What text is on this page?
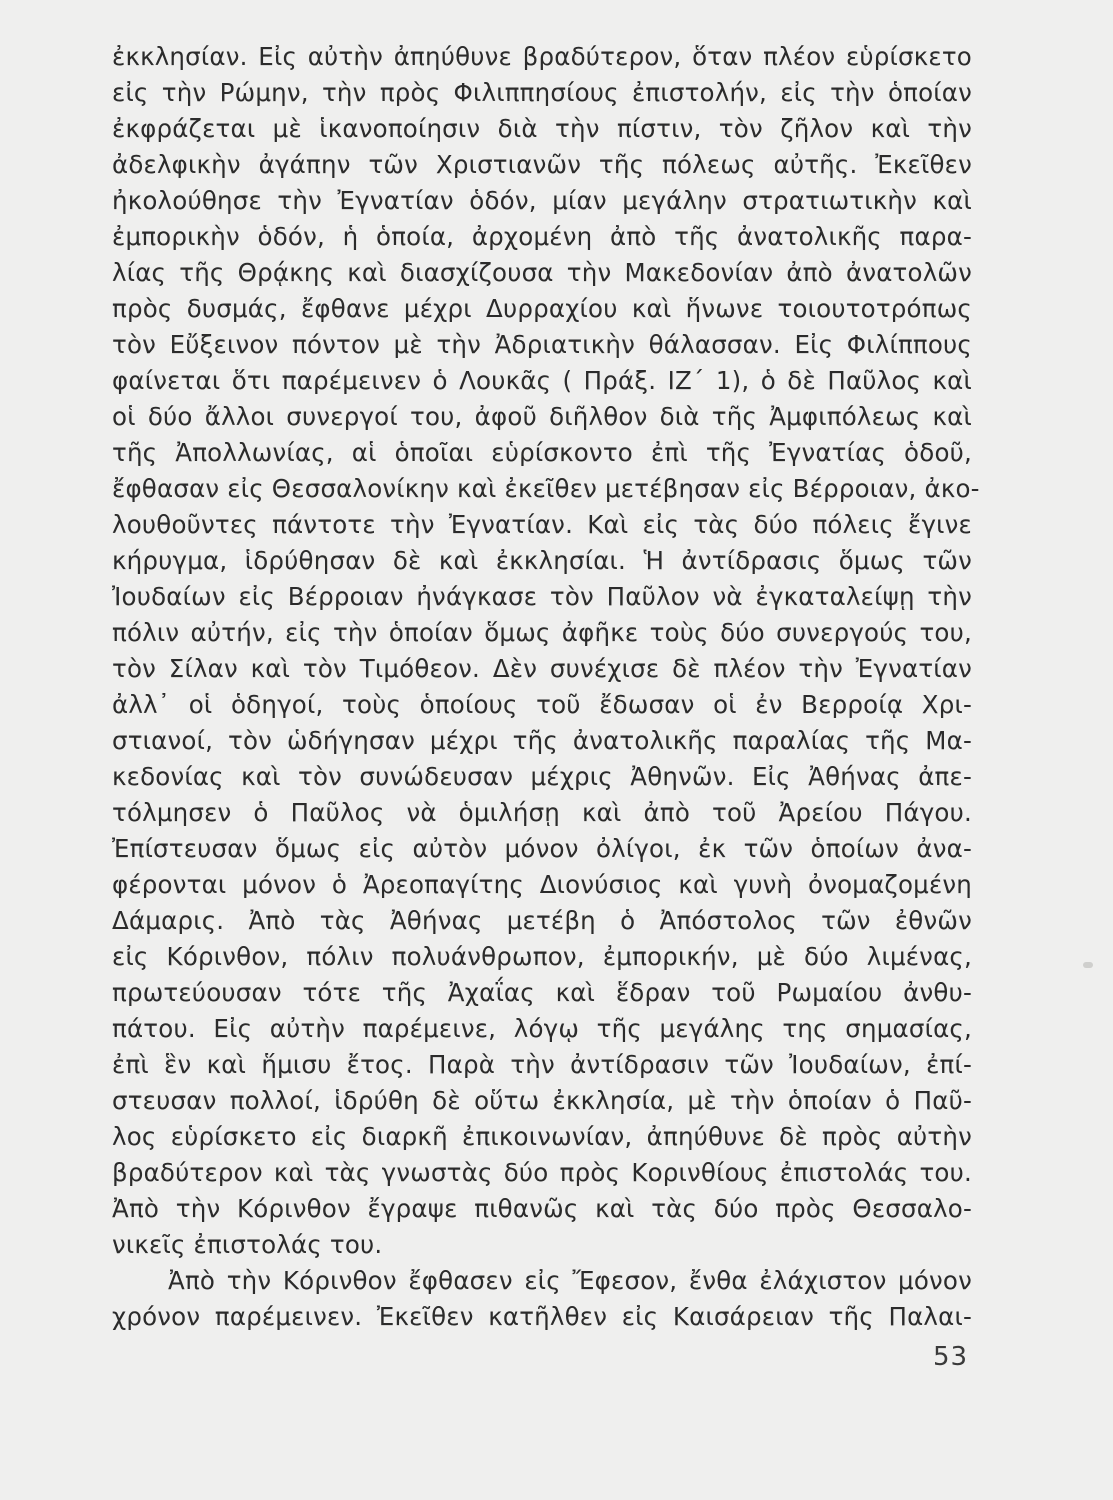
ἐκκλησίαν. Εἰς αὐτὴν ἀπηύθυνε βραδύτερον, ὅταν πλέον εὑρίσκετο
εἰς τὴν Ρώμην, τὴν πρὸς Φιλιππησίους ἐπιστολήν, εἰς τὴν ὁποίαν
ἐκφράζεται μὲ ἱκανοποίησιν διὰ τὴν πίστιν, τὸν ζῆλον καὶ τὴν
ἀδελφικὴν ἀγάπην τῶν Χριστιανῶν τῆς πόλεως αὐτῆς. Ἐκεῖθεν
ἠκολούθησε τὴν Ἐγνατίαν ὁδόν, μίαν μεγάλην στρατιωτικὴν καὶ
ἐμπορικὴν ὁδόν, ἡ ὁποία, ἀρχομένη ἀπὸ τῆς ἀνατολικῆς παρα-
λίας τῆς Θρᾴκης καὶ διασχίζουσα τὴν Μακεδονίαν ἀπὸ ἀνατολῶν
πρὸς δυσμάς, ἔφθανε μέχρι Δυρραχίου καὶ ἥνωνε τοιουτοτρόπως
τὸν Εὔξεινον πόντον μὲ τὴν Ἀδριατικὴν θάλασσαν. Εἰς Φιλίππους
φαίνεται ὅτι παρέμεινεν ὁ Λουκᾶς ( Πράξ. ΙΖ΄ 1), ὁ δὲ Παῦλος καὶ
οἱ δύο ἄλλοι συνεργοί του, ἀφοῦ διῆλθον διὰ τῆς Ἀμφιπόλεως καὶ
τῆς Ἀπολλωνίας, αἱ ὁποῖαι εὑρίσκοντο ἐπὶ τῆς Ἐγνατίας ὁδοῦ,
ἔφθασαν εἰς Θεσσαλονίκην καὶ ἐκεῖθεν μετέβησαν εἰς Βέρροιαν, ἀκο-
λουθοῦντες πάντοτε τὴν Ἐγνατίαν. Καὶ εἰς τὰς δύο πόλεις ἔγινε
κήρυγμα, ἱδρύθησαν δὲ καὶ ἐκκλησίαι. Ἡ ἀντίδρασις ὅμως τῶν
Ἰουδαίων εἰς Βέρροιαν ἠνάγκασε τὸν Παῦλον νὰ ἐγκαταλείψῃ τὴν
πόλιν αὐτήν, εἰς τὴν ὁποίαν ὅμως ἀφῆκε τοὺς δύο συνεργούς του,
τὸν Σίλαν καὶ τὸν Τιμόθεον. Δὲν συνέχισε δὲ πλέον τὴν Ἐγνατίαν
ἀλλ᾽ οἱ ὁδηγοί, τοὺς ὁποίους τοῦ ἔδωσαν οἱ ἐν Βερροίᾳ Χρι-
στιανοί, τὸν ὡδήγησαν μέχρι τῆς ἀνατολικῆς παραλίας τῆς Μα-
κεδονίας καὶ τὸν συνώδευσαν μέχρις Ἀθηνῶν. Εἰς Ἀθήνας ἀπε-
τόλμησεν ὁ Παῦλος νὰ ὁμιλήσῃ καὶ ἀπὸ τοῦ Ἀρείου Πάγου.
Ἐπίστευσαν ὅμως εἰς αὐτὸν μόνον ὀλίγοι, ἐκ τῶν ὁποίων ἀνα-
φέρονται μόνον ὁ Ἀρεοπαγίτης Διονύσιος καὶ γυνὴ ὀνομαζομένη
Δάμαρις. Ἀπὸ τὰς Ἀθήνας μετέβη ὁ Ἀπόστολος τῶν ἐθνῶν
εἰς Κόρινθον, πόλιν πολυάνθρωπον, ἐμπορικήν, μὲ δύο λιμένας,
πρωτεύουσαν τότε τῆς Ἀχαΐας καὶ ἕδραν τοῦ Ρωμαίου ἀνθυ-
πάτου. Εἰς αὐτὴν παρέμεινε, λόγῳ τῆς μεγάλης της σημασίας,
ἐπὶ ἓν καὶ ἥμισυ ἔτος. Παρὰ τὴν ἀντίδρασιν τῶν Ἰουδαίων, ἐπί-
στευσαν πολλοί, ἱδρύθη δὲ οὕτω ἐκκλησία, μὲ τὴν ὁποίαν ὁ Παῦ-
λος εὑρίσκετο εἰς διαρκῆ ἐπικοινωνίαν, ἀπηύθυνε δὲ πρὸς αὐτὴν
βραδύτερον καὶ τὰς γνωστὰς δύο πρὸς Κορινθίους ἐπιστολάς του.
Ἀπὸ τὴν Κόρινθον ἔγραψε πιθανῶς καὶ τὰς δύο πρὸς Θεσσαλο-
νικεῖς ἐπιστολάς του.
Ἀπὸ τὴν Κόρινθον ἔφθασεν εἰς Ἔφεσον, ἔνθα ἐλάχιστον μόνον
χρόνον παρέμεινεν. Ἐκεῖθεν κατῆλθεν εἰς Καισάρειαν τῆς Παλαι-
53
